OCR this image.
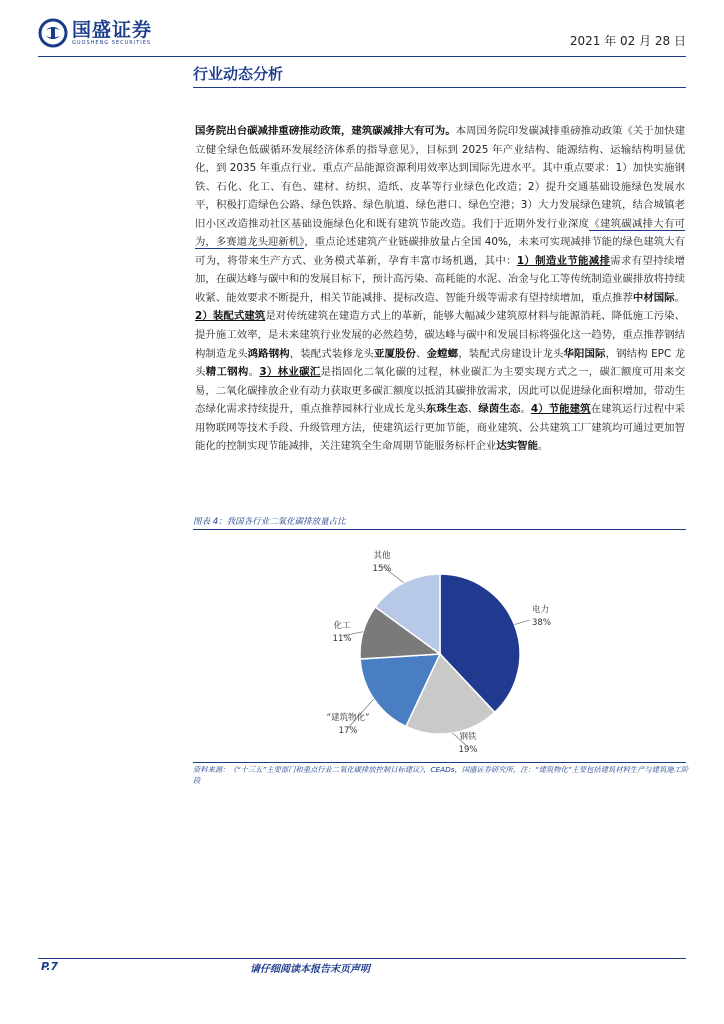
国盛证券
GUOSHENG SECURITIES	2021 年 02 月 28 日
行业动态分析
国务院出台碳减排重磅推动政策，建筑碳减排大有可为。本周国务院印发碳减排重磅推动政策《关于加快建立健全绿色低碳循环发展经济体系的指导意见》，目标到 2025 年产业结构、能源结构、运输结构明显优化，到 2035 年重点行业、重点产品能源资源利用效率达到国际先进水平。其中重点要求：1）加快实施钢铁、石化、化工、有色、建材、纺织、造纸、皮革等行业绿色化改造；2）提升交通基础设施绿色发展水平，积极打造绿色公路、绿色铁路、绿色航道、绿色港口、绿色空港；3）大力发展绿色建筑，结合城镇老旧小区改造推动社区基础设施绿色化和既有建筑节能改造。我们于近期外发行业深度《建筑碳减排大有可为，多赛道龙头迎新机》，重点论述建筑产业链碳排放量占全国 40%，未来可实现减排节能的绿色建筑大有可为，将带来生产方式、业务模式革新，孕育丰富市场机遇，其中：1）制造业节能减排需求有望持续增加，在碳达峰与碳中和的发展目标下，预计高污染、高耗能的水泥、冶金与化工等传统制造业碳排放将持续收紧、能效要求不断提升，相关节能减排、提标改造、智能升级等需求有望持续增加，重点推荐中材国际。2）装配式建筑是对传统建筑在建造方式上的革新，能够大幅减少建筑原材料与能源消耗、降低施工污染、提升施工效率，是未来建筑行业发展的必然趋势，碳达峰与碳中和发展目标将强化这一趋势，重点推荐钢结构制造龙头鸿路钢构，装配式装修龙头亚厦股份、金螳螂，装配式房建设计龙头华阳国际，钢结构 EPC 龙头精工钢构。3）林业碳汇是指固化二氧化碳的过程，林业碳汇为主要实现方式之一，碳汇额度可用来交易，二氧化碳排放企业有动力获取更多碳汇额度以抵消其碳排放需求，因此可以促进绿化面积增加，带动生态绿化需求持续提升，重点推荐园林行业成长龙头东珠生态、绿茵生态。4）节能建筑在建筑运行过程中采用物联网等技术手段、升级管理方法，使建筑运行更加节能，商业建筑、公共建筑工厂建筑均可通过更加智能化的控制实现节能减排，关注建筑全生命周期节能服务标杆企业达实智能。
图表 4：我国各行业二氧化碳排放量占比
电力
38%
钢铁
19%
“建筑物化”
17%
化工
11%
其他
15%
资料来源：《“十三五”主要部门和重点行业二氧化碳排放控制目标建议》，CEADs，国盛证券研究所，注：“建筑物化”主要包括建筑材料生产与建筑施工阶段
P.7	请仔细阅读本报告末页声明
